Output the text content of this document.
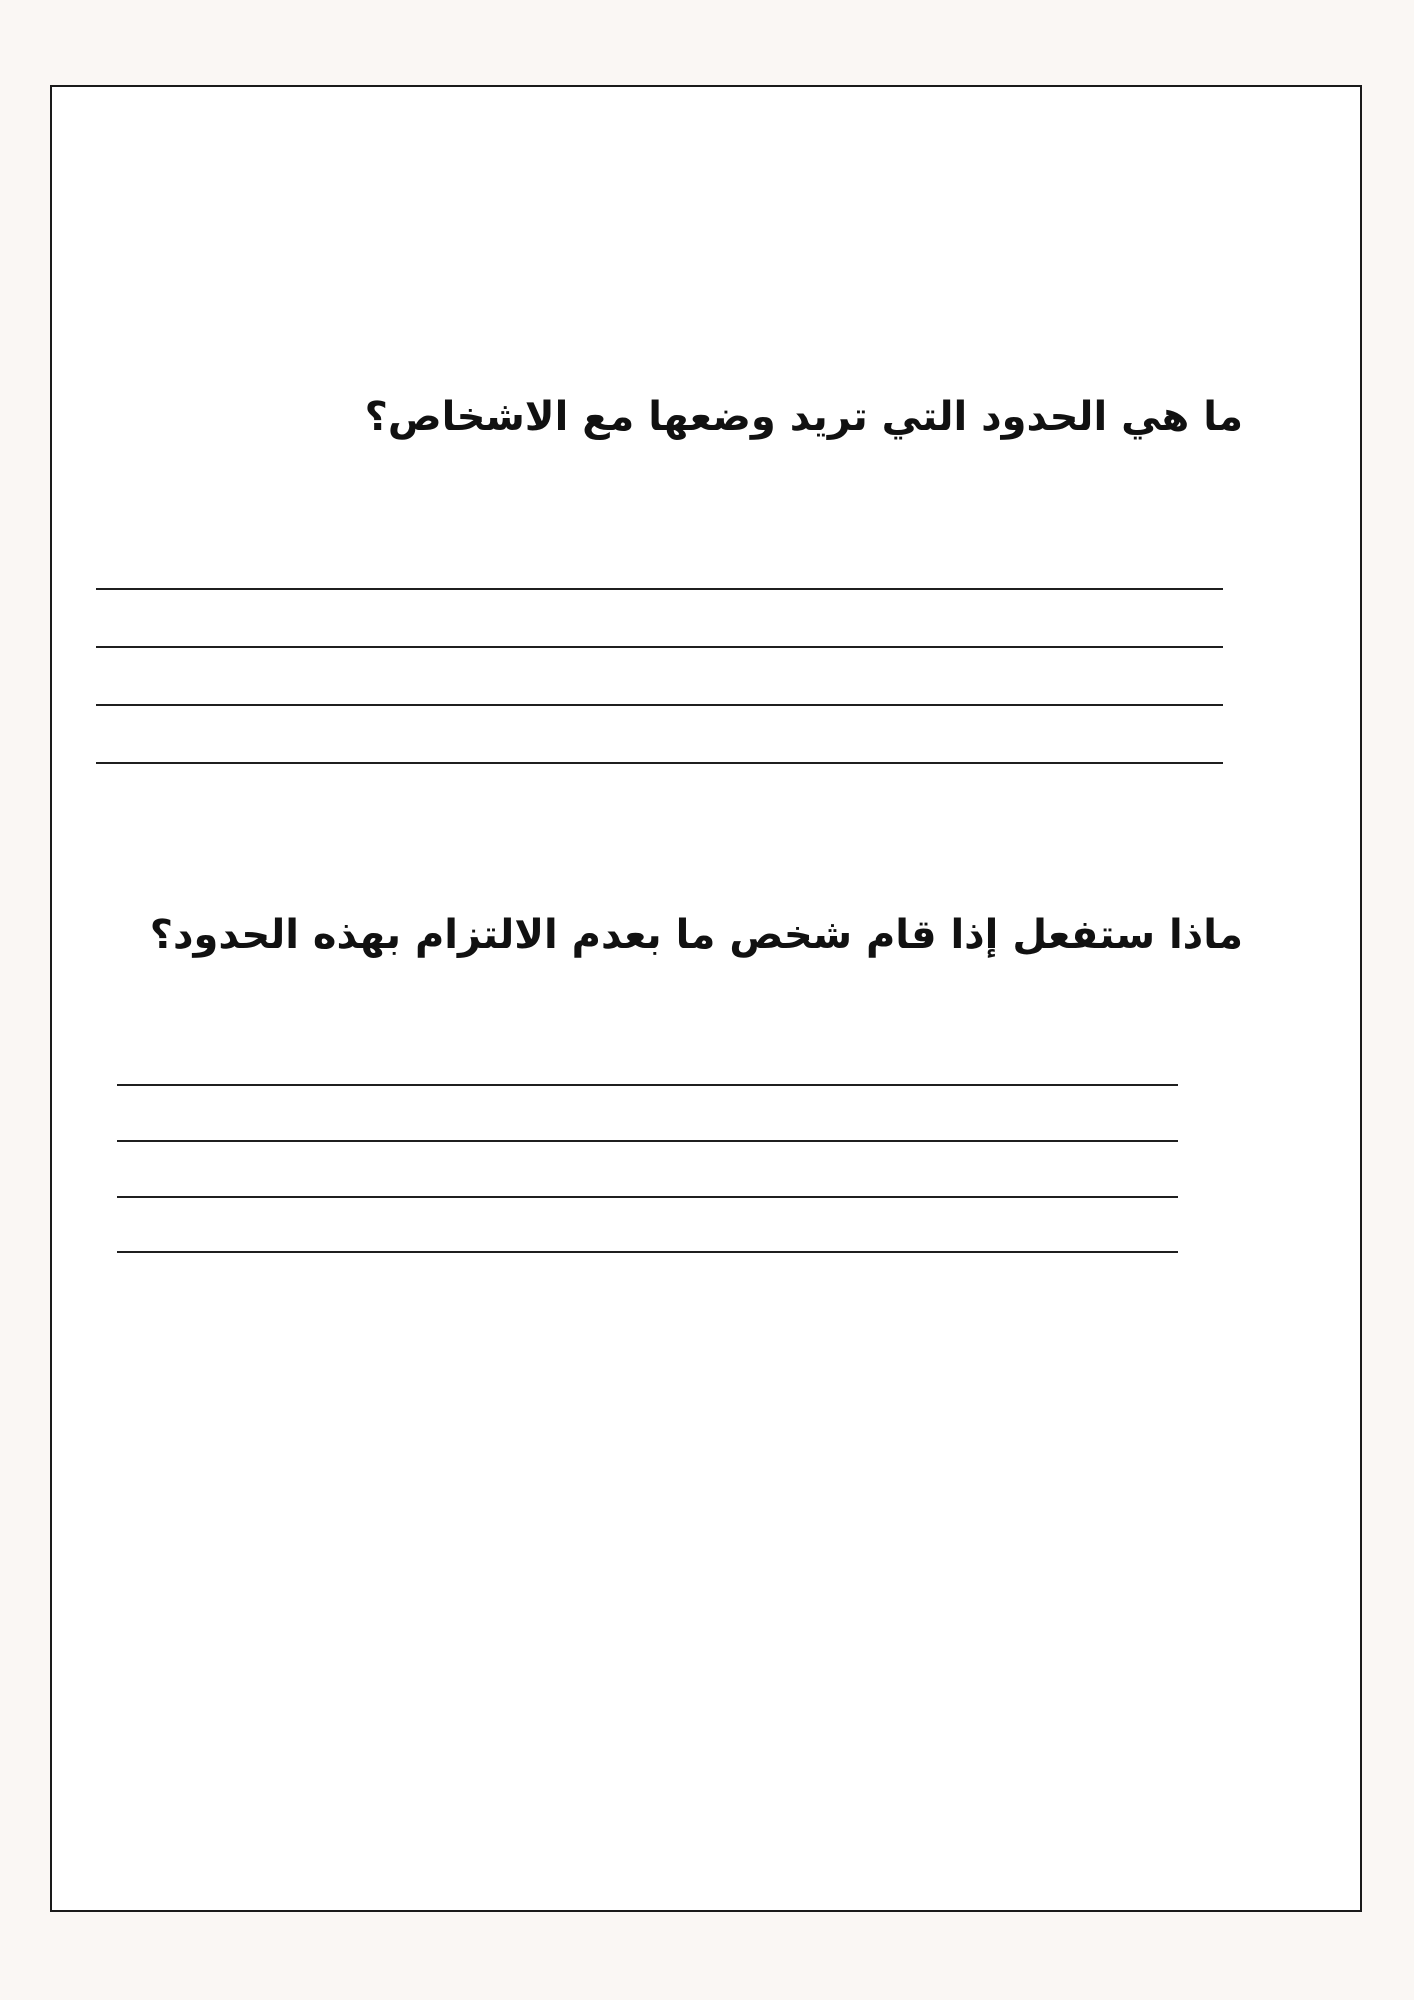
ما هي الحدود التي تريد وضعها مع الاشخاص؟
ماذا ستفعل إذا قام شخص ما بعدم الالتزام بهذه الحدود؟
